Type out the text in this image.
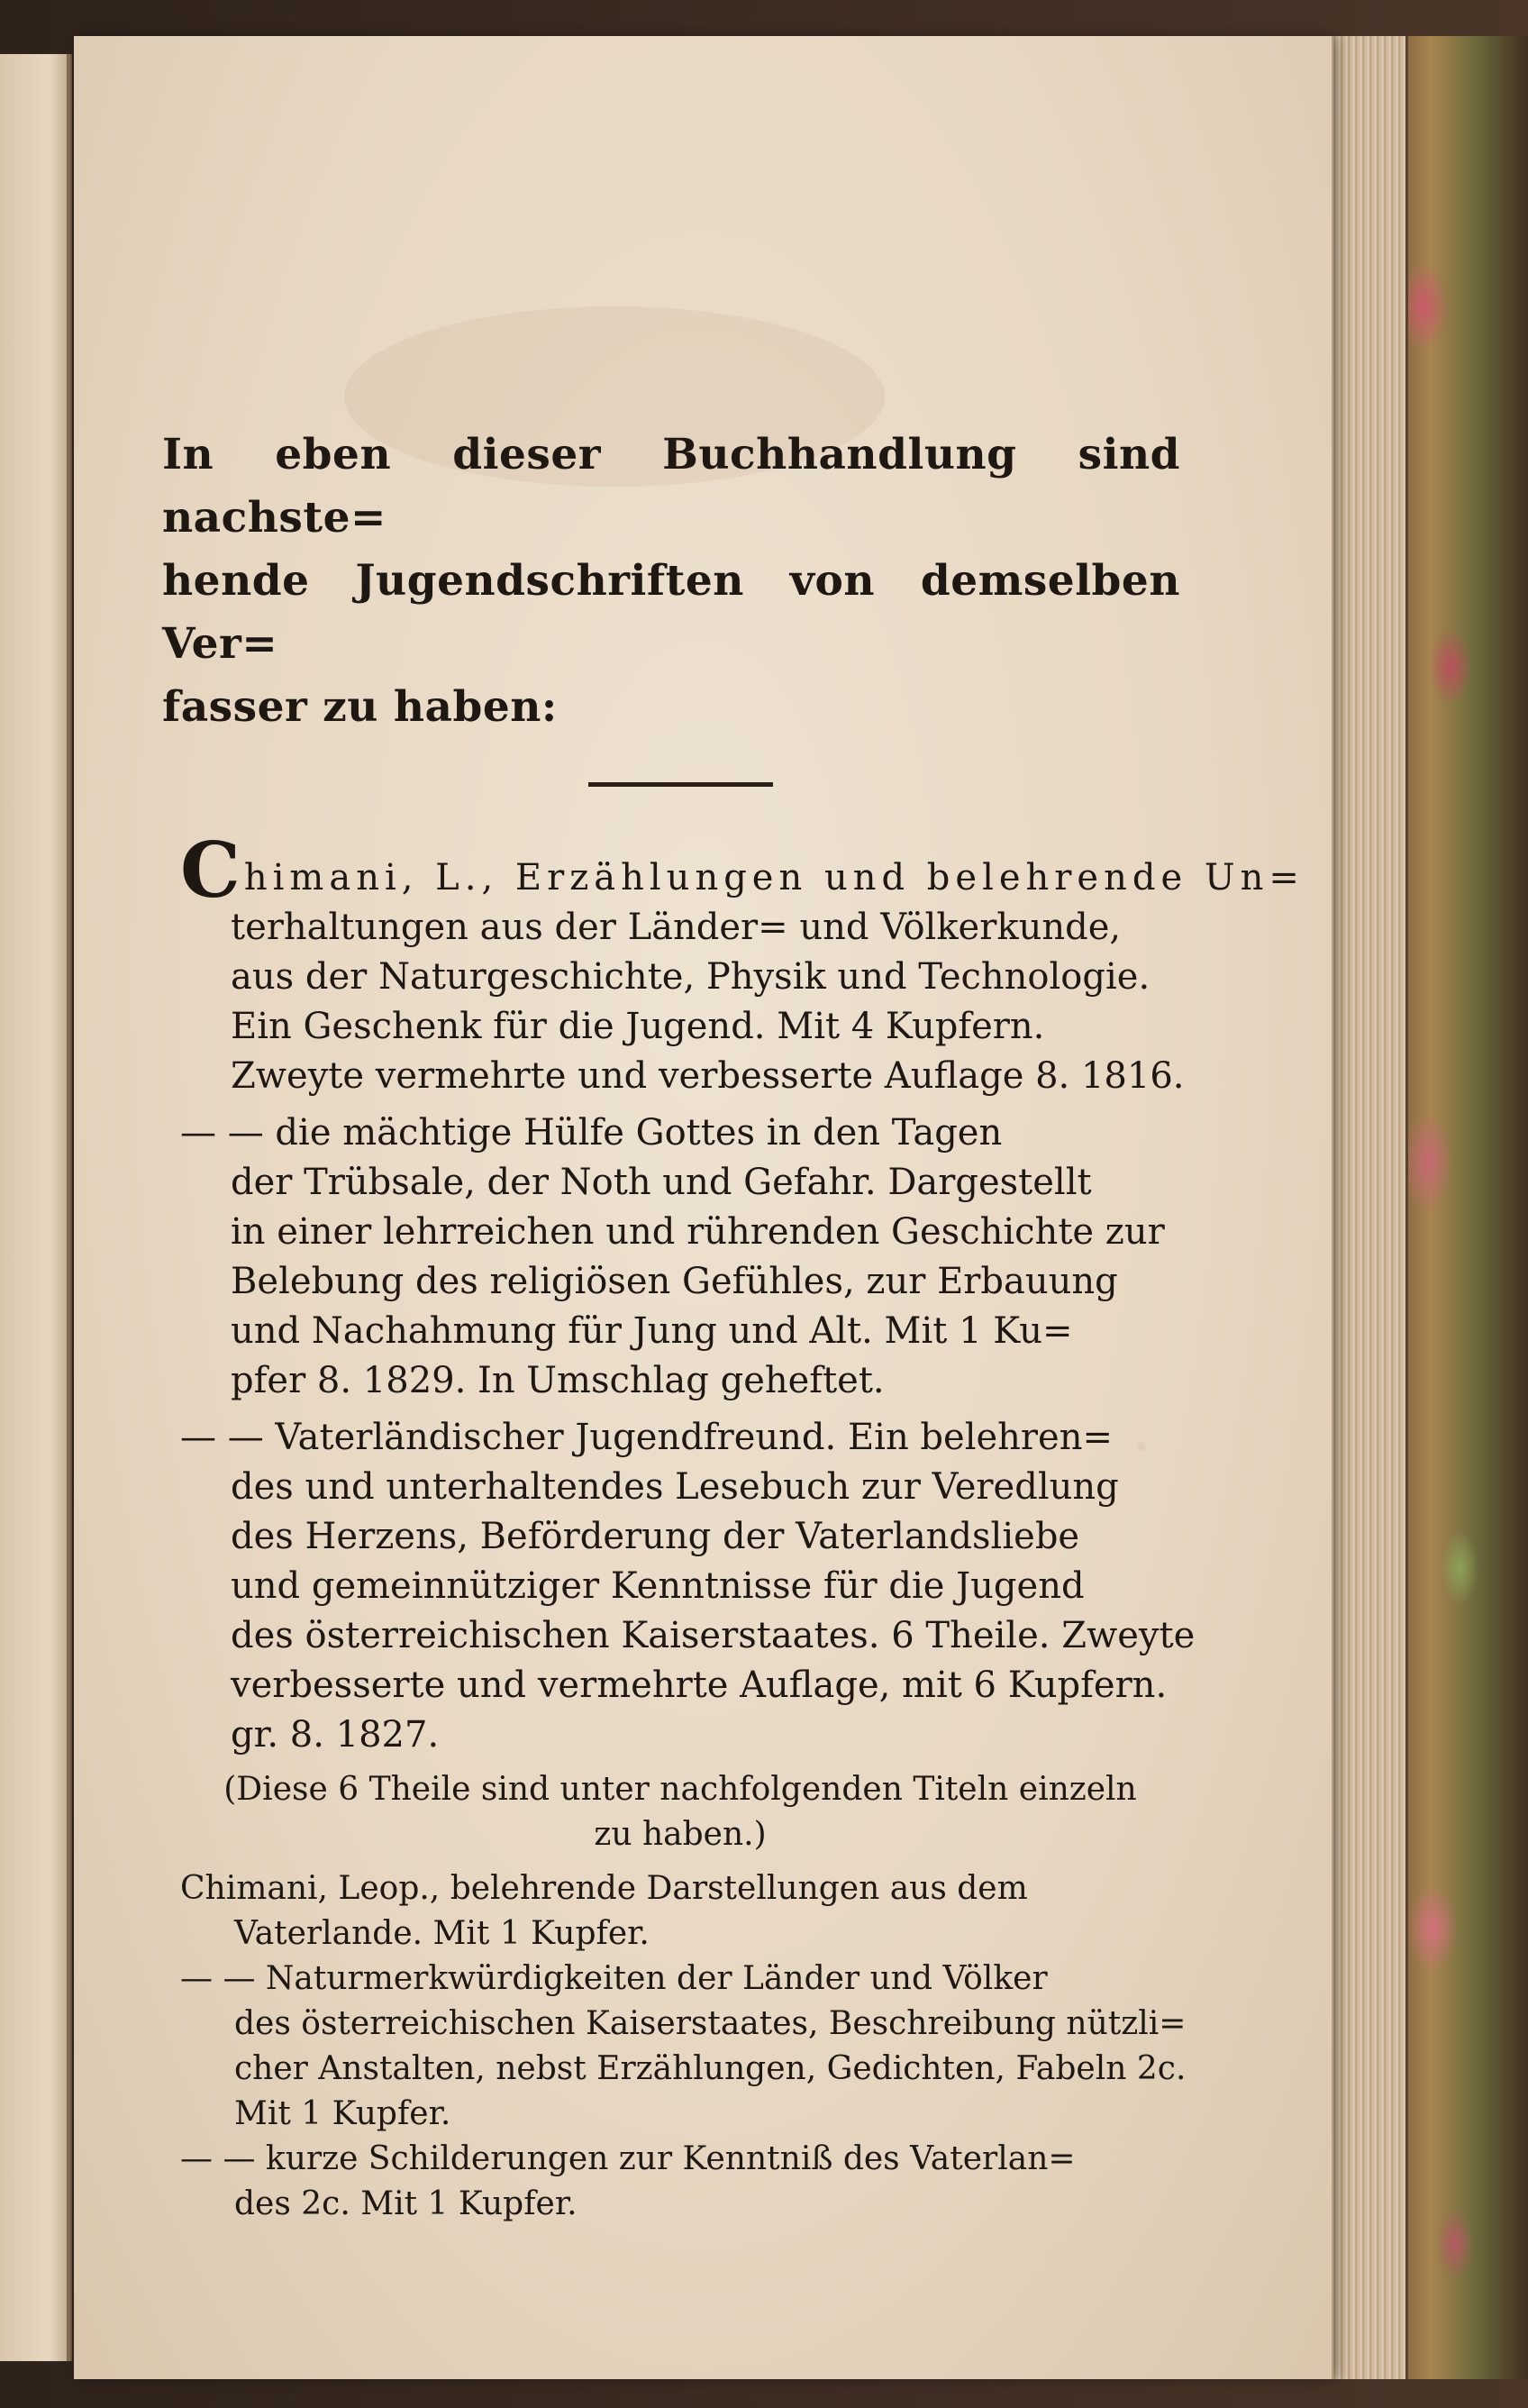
In eben dieser Buchhandlung sind nachste=
hende Jugendschriften von demselben Ver=
fasser zu haben:
Chimani, L., Erzählungen und belehrende Un=
terhaltungen aus der Länder= und Völkerkunde,
aus der Naturgeschichte, Physik und Technologie.
Ein Geschenk für die Jugend. Mit 4 Kupfern.
Zweyte vermehrte und verbesserte Auflage 8. 1816.
— — die mächtige Hülfe Gottes in den Tagen
der Trübsale, der Noth und Gefahr. Dargestellt
in einer lehrreichen und rührenden Geschichte zur
Belebung des religiösen Gefühles, zur Erbauung
und Nachahmung für Jung und Alt. Mit 1 Ku=
pfer 8. 1829. In Umschlag geheftet.
— — Vaterländischer Jugendfreund. Ein belehren=
des und unterhaltendes Lesebuch zur Veredlung
des Herzens, Beförderung der Vaterlandsliebe
und gemeinnütziger Kenntnisse für die Jugend
des österreichischen Kaiserstaates. 6 Theile. Zweyte
verbesserte und vermehrte Auflage, mit 6 Kupfern.
gr. 8. 1827.
(Diese 6 Theile sind unter nachfolgenden Titeln einzeln
zu haben.)
Chimani, Leop., belehrende Darstellungen aus dem
Vaterlande. Mit 1 Kupfer.
— — Naturmerkwürdigkeiten der Länder und Völker
des österreichischen Kaiserstaates, Beschreibung nützli=
cher Anstalten, nebst Erzählungen, Gedichten, Fabeln 2c.
Mit 1 Kupfer.
— — kurze Schilderungen zur Kenntniß des Vaterlan=
des 2c. Mit 1 Kupfer.
